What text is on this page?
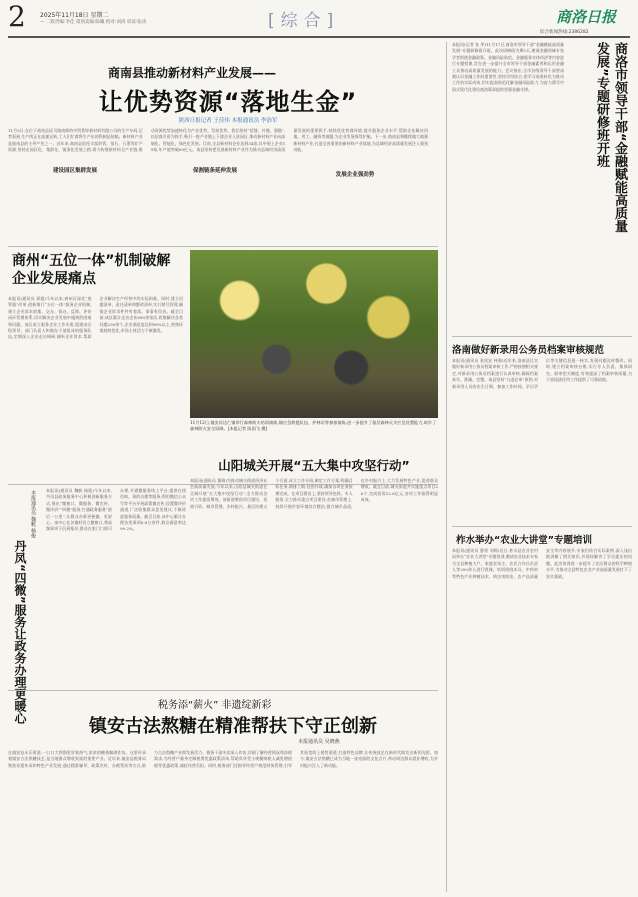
2 2025年11月18日 星期二
— 二版责编:李佳 策划美编:陈曦 校对:刘涛 审读:张涛	[综合]	商洛日报
综合新闻热线:2386282
商南县推动新材料产业发展——
让优势资源“落地生金”
陕西日报记者 王佳伟 本报通讯员 李治军
11月5日,在位于商南县试马镇南辉的中钒普锌新材料有限公司的生产车间,记者看到,生产线正在高速运转,工人们忙着将生产出的钒制品装箱。新材料产业是商南县的主导产业之一。近年来,商南县依托丰富的钒、萤石、石墨等矿产资源,坚持走园区化、集群化、链条化发展之路,着力构建新材料全产业链,推动资源优势加速转化为产业优势、发展优势。我们坚持“延链、补链、强链”,以招商引资为抓手,吸引一批产业链上下游企业入驻园区,推动新材料产业向高端化、智能化、绿色化发展。目前,全县新材料企业达到34家,其中规上企业19家,年产值突破60亿元。该县坚持把发展新材料产业作为推动县域经济高质量发展的重要抓手,持续优化营商环境,提升服务企业水平,帮助企业解决用地、用工、融资等难题,为企业发展保驾护航。下一步,商南县将继续做大做强新材料产业,打造全省重要的新材料产业基地,为县域经济高质量发展注入强劲动能。
建设园区集群发展	保割链条延伸发展
发展企业强劲势
商州“五位一体”机制破解企业发展痛点
本报讯(通讯员 郭超)今年以来,商州区深化“放管服”改革,创新推行“五位一体”服务企业机制,建立企业诉求收集、交办、督办、反馈、评价闭环管理体系,切实解决企业发展中遇到的困难和问题。该区成立服务企业工作专班,组建由区级领导、部门负责人和镇办干部组成的服务队伍,定期深入企业走访调研,倾听企业诉求,帮助企业解决生产经营中的实际困难。同时,建立问题清单、责任清单和整改清单,实行销号管理,确保企业诉求件件有着落、事事有回音。截至目前,该区累计走访企业680余家次,收集解决各类问题230余个,企业满意度达到98%以上,营商环境持续优化,市场主体活力不断激发。
11月12日,镇安县达仁镇举行森林防火培训演练,镇应急救援队伍、护林员等参加演练,进一步提升了基层森林火灾应急处置能力,筑牢了森林防火安全屏障。[本报记者 陈国飞 摄]
丹凤“四微”服务让政务办理更暖心
本报通讯员 魏帆 杨俊	本报讯(通讯员 魏帆 杨俊)今年以来,丹凤县政务服务中心积极创新服务方式,推出“微窗口、微服务、微宣传、微评价”“四微”服务,打通政务服务“最后一公里”,让群众办事更便捷、更舒心。该中心在各镇村设立微窗口,将高频事项下沉到基层,群众在家门口即可办理;开通微服务线上平台,提供在线咨询、预约办理等服务;利用微信公众号等平台开展政策微宣传;设置微评价通道,广泛收集群众意见建议,不断改进服务质量。截至目前,该中心累计办理各类事项8.6万余件,群众满意率达99.2%。
山阳城关开展“五大集中攻坚行动”
本报讯(通讯员 董瑞)为推动城关街道经济社会高质量发展,今年以来,山阳县城关街道在全域开展“五大集中攻坚行动”,全力推动各项工作提质增效。该街道聚焦项目建设、招商引资、城市管理、乡村振兴、基层治理五个方面,成立工作专班,制定工作方案,明确目标任务,倒排工期,挂图作战,确保各项任务按期完成。在项目建设上,坚持领导包抓、专人服务,全力推动重点项目建设;在城市管理上,持续开展市容环境综合整治,提升城市品质;在乡村振兴上,大力发展特色产业,促进群众增收。截至目前,城关街道共实施重点项目26个,完成投资12.6亿元,各项工作取得明显成效。
税务添“薪火” 非遗绽新彩
镇安古法熬糖在精准帮扶下守正创新
本报通讯员 吴晓燕
在镇安县永乐街道,一口口大铁锅里冒着热气,浓浓的糖香飘满作坊。这里传承着镇安古法熬糖技艺,是当地群众增收致富的重要产业。近年来,镇安县税务局聚焦非遗传承和特色产业发展,通过精准辅导、政策宣传、办税帮扶等方式,助力古法熬糖产业焕发新活力。税务干部多次深入作坊,详细了解经营情况和涉税需求,为经营户量身定制税费优惠政策清单,帮助其享受小规模纳税人减免增值税等优惠政策,减轻经营负担。同时,税务部门还指导经营户规范财务管理,引导其拓宽线上销售渠道,打造特色品牌,让传统技艺在新时代焕发出新的光彩。如今,镇安古法熬糖已成为当地一张亮丽的文化名片,带动周边群众就业增收,为乡村振兴注入了新动能。
商洛市领导干部“金融赋能高质量发展”专题研修班开班
本报讯(记者 张 茅)11月17日,商洛市领导干部“金融赋能高质量发展”专题研修班开班。此次研修班为期5天,邀请金融领域专家学者围绕金融政策、金融风险防范、金融服务实体经济等内容进行专题授课,旨在进一步提升全市领导干部金融素养和运用金融工具推动高质量发展的能力。会议指出,全市各级领导干部要深刻认识金融工作的重要性,坚持学用结合,把学习成果转化为推动工作的实际成效,切实提高防范化解金融风险能力,为奋力谱写中国式现代化建设商洛篇章提供坚强金融支撑。
洛南做好新录用公务员档案审核规范
本报讯(通讯员 张贵安 林强)近年来,洛南县扎实做好新录用公务员档案审核工作,严格按照相关规定,对新录用公务员档案进行认真审核,确保档案真实、准确、完整。该县坚持“凡进必审”原则,对新录用人员的出生日期、参加工作时间、学历学位等关键信息逐一核实,发现问题及时整改。同时,建立档案审核台账,实行专人负责、集体研究、联审把关制度,有效提高了档案审核质量,为干部选拔任用工作提供了可靠依据。
柞水举办“农业大讲堂”专题培训
本报讯(通讯员 曹勇 刘辉)近日,柞水县农业农村局举办“农业大讲堂”专题培训,邀请农业技术专家为全县种植大户、家庭农场主、农民合作社负责人等200余人进行授课。培训围绕木耳、中药材等特色产业种植技术、病虫害防治、农产品质量安全等内容展开,专家们结合实际案例,深入浅出地讲解了相关知识,并现场解答了学员提出的问题。此次培训进一步提升了农民群众的科学种植水平,为推动全县特色农业产业高质量发展打下了坚实基础。
